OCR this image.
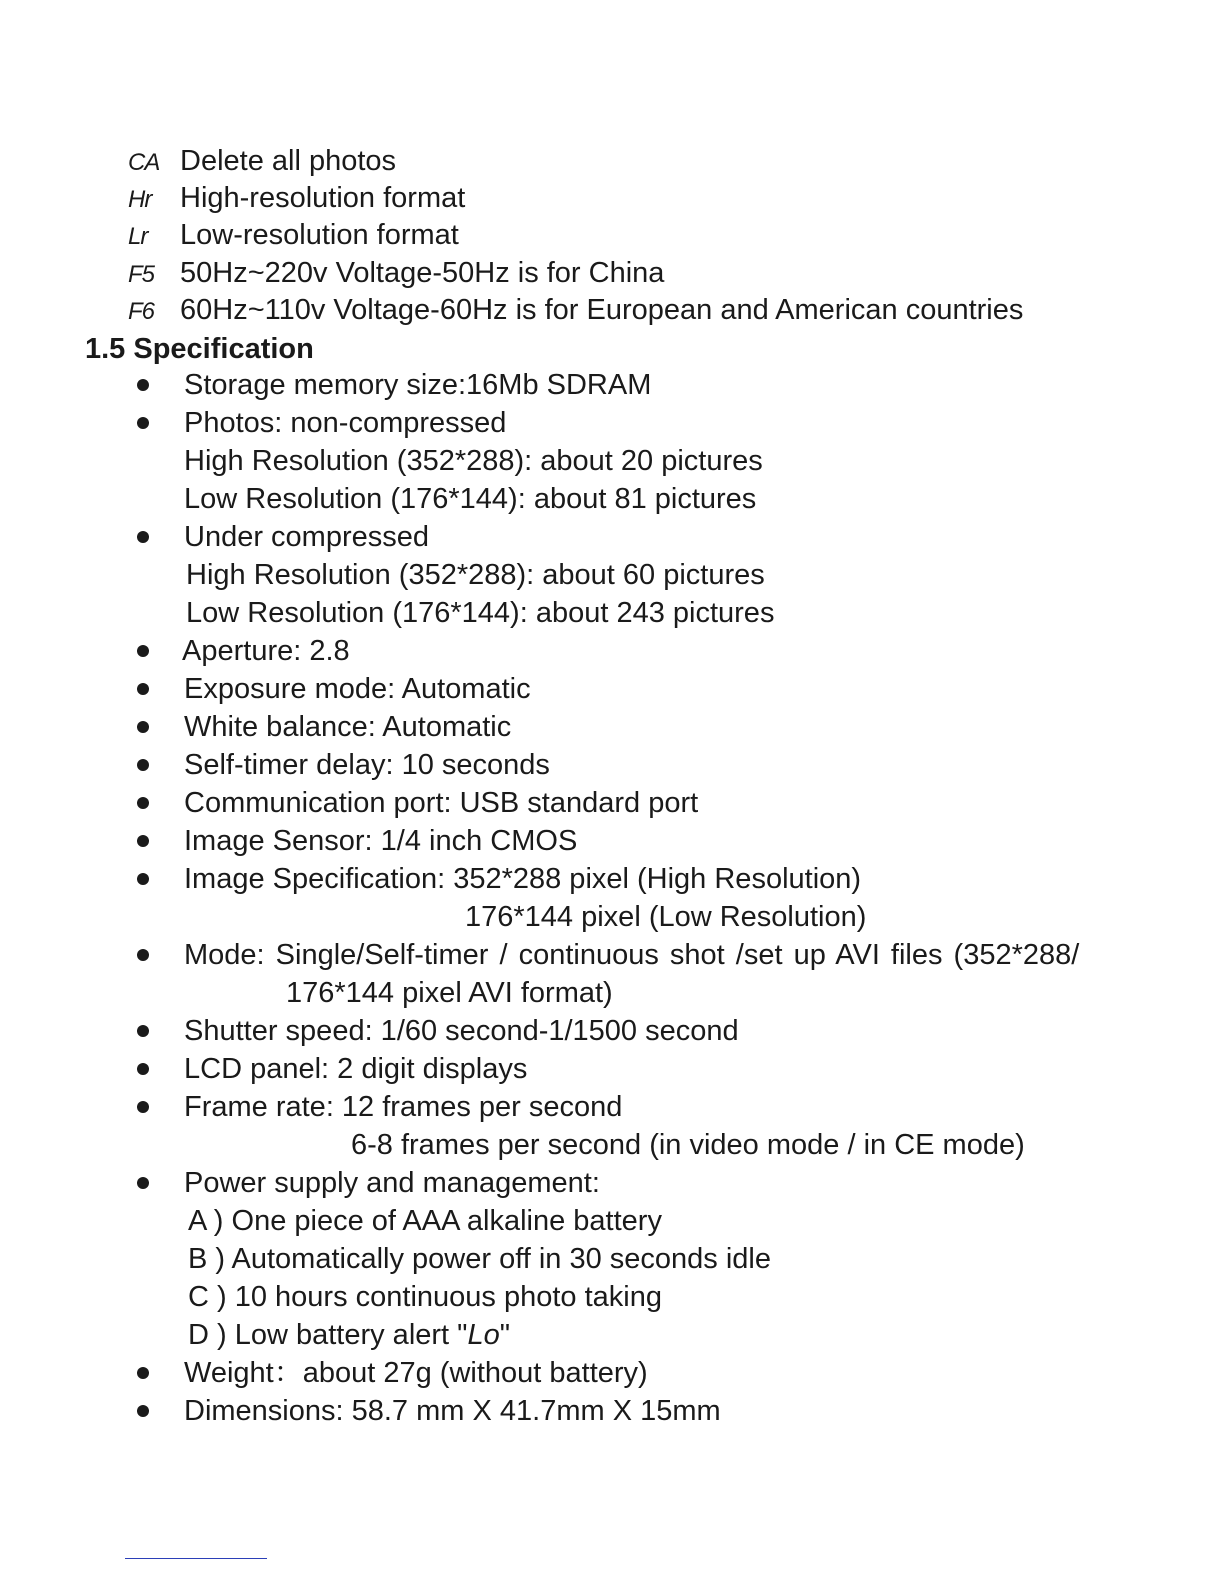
CA Delete all photos
Hr High-resolution format
Lr Low-resolution format
F5 50Hz~220v Voltage-50Hz is for China
F6 60Hz~110v Voltage-60Hz is for European and American countries
1.5 Specification
Storage memory size:16Mb SDRAM
Photos: non-compressed
High Resolution (352*288): about 20 pictures
Low Resolution (176*144): about 81 pictures
Under compressed
High Resolution (352*288): about 60 pictures
Low Resolution (176*144): about 243 pictures
Aperture: 2.8
Exposure mode: Automatic
White balance: Automatic
Self-timer delay: 10 seconds
Communication port: USB standard port
Image Sensor: 1/4 inch CMOS
Image Specification: 352*288 pixel (High Resolution)
176*144 pixel (Low Resolution)
Mode: Single/Self-timer / continuous shot /set up AVI files (352*288/
176*144 pixel AVI format)
Shutter speed: 1/60 second-1/1500 second
LCD panel: 2 digit displays
Frame rate: 12 frames per second
6-8 frames per second (in video mode / in CE mode)
Power supply and management:
A ) One piece of AAA alkaline battery
B ) Automatically power off in 30 seconds idle
C ) 10 hours continuous photo taking
D ) Low battery alert "Lo"
Weight：about 27g (without battery)
Dimensions: 58.7 mm X 41.7mm X 15mm
